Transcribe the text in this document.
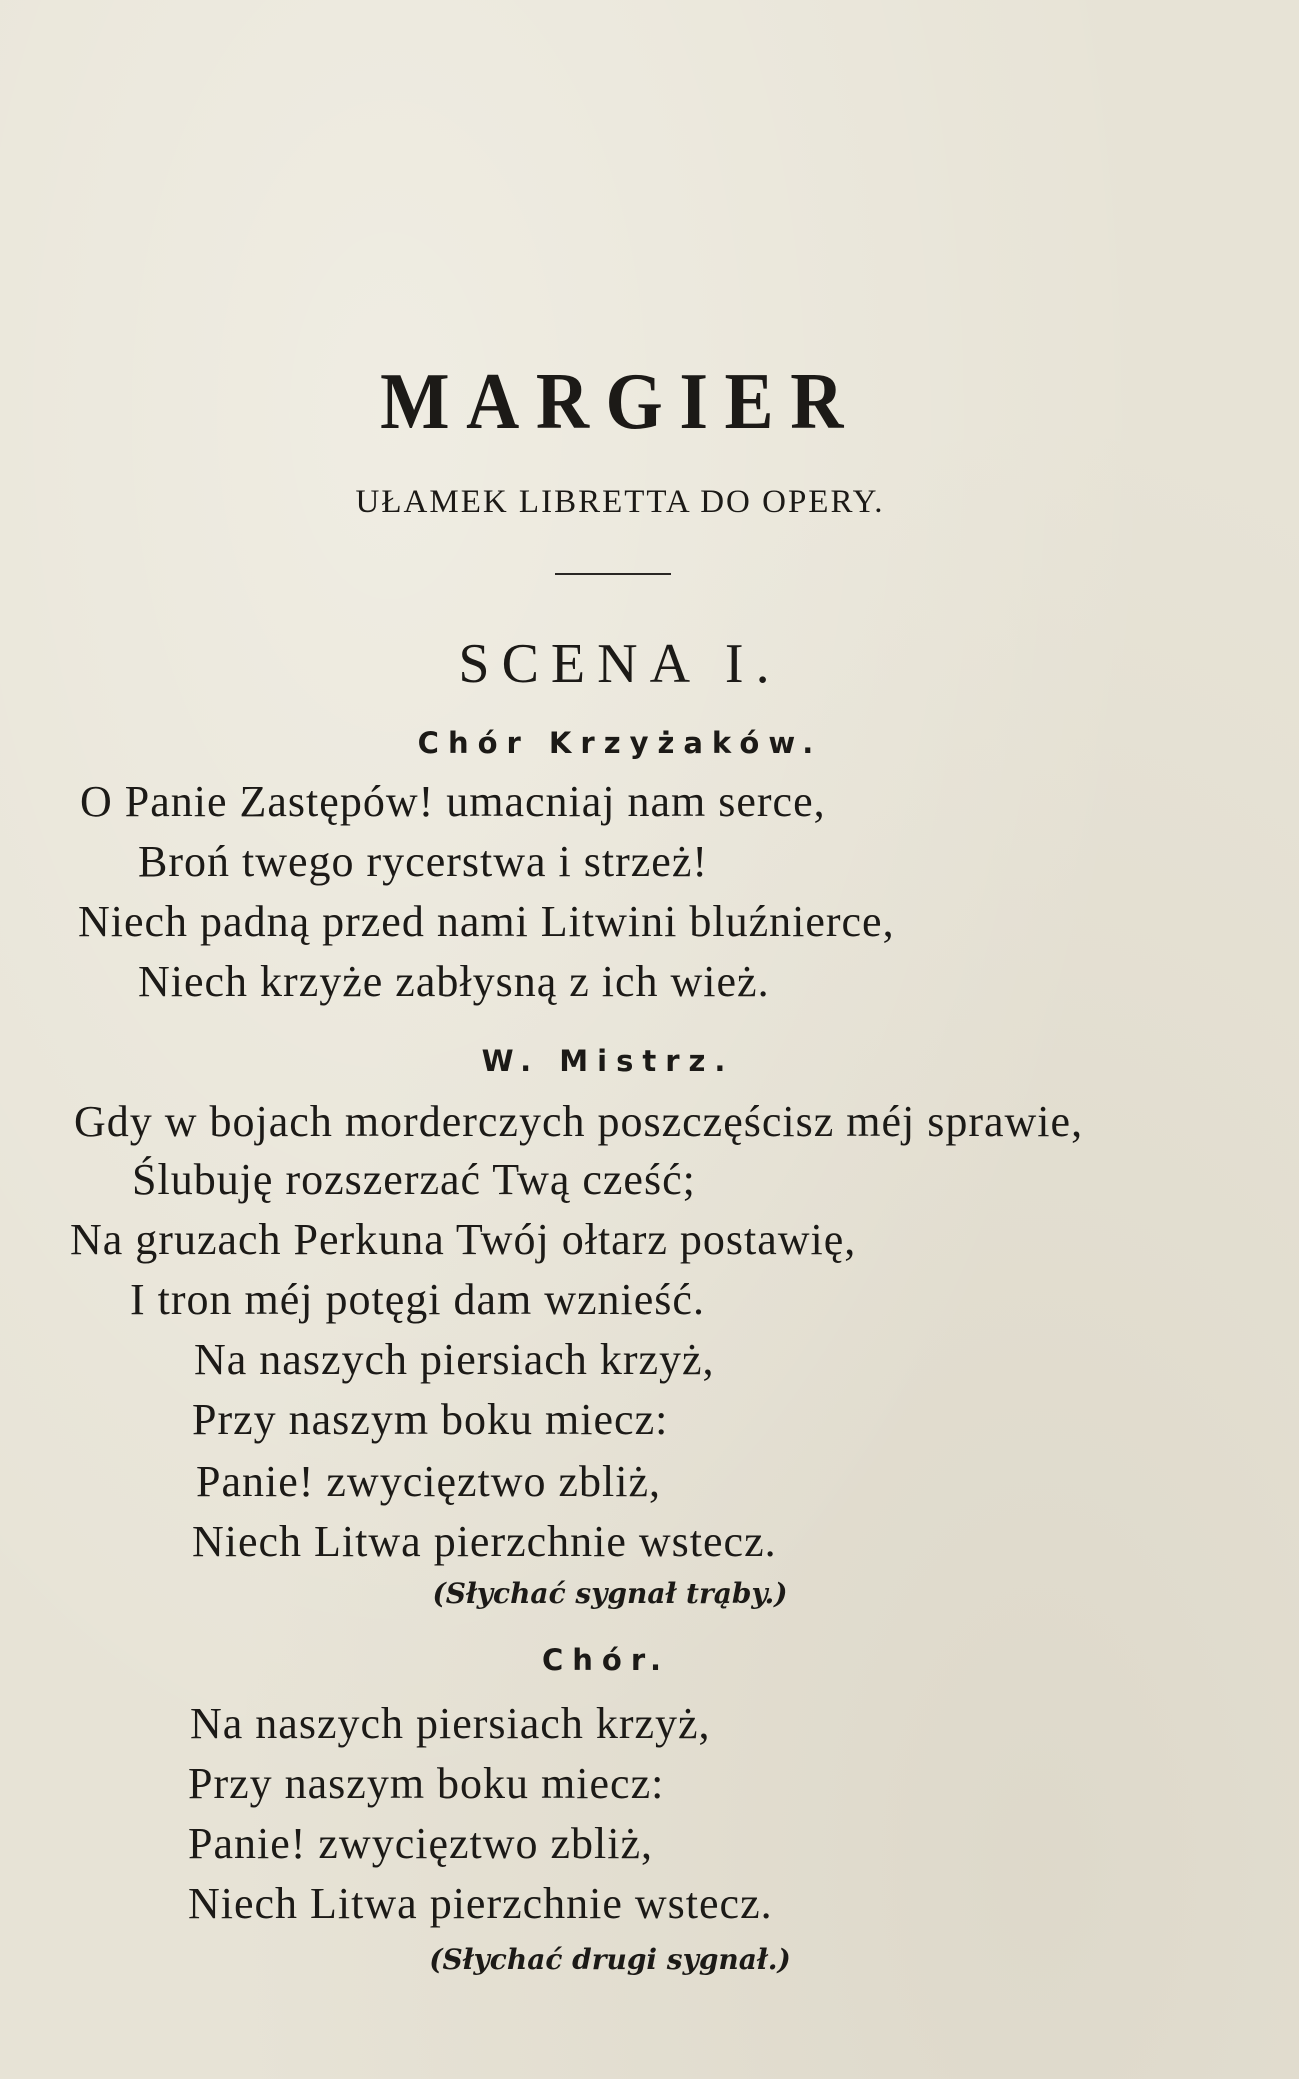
MARGIER
UŁAMEK LIBRETTA DO OPERY.
SCENA I.
Chór Krzyżaków.
O Panie Zastępów! umacniaj nam serce,
Broń twego rycerstwa i strzeż!
Niech padną przed nami Litwini bluźnierce,
Niech krzyże zabłysną z ich wież.
W. Mistrz.
Gdy w bojach morderczych poszczęścisz méj sprawie,
Ślubuję rozszerzać Twą cześć;
Na gruzach Perkuna Twój ołtarz postawię,
I tron méj potęgi dam wznieść.
Na naszych piersiach krzyż,
Przy naszym boku miecz:
Panie! zwycięztwo zbliż,
Niech Litwa pierzchnie wstecz.
(Słychać sygnał trąby.)
Chór.
Na naszych piersiach krzyż,
Przy naszym boku miecz:
Panie! zwycięztwo zbliż,
Niech Litwa pierzchnie wstecz.
(Słychać drugi sygnał.)
